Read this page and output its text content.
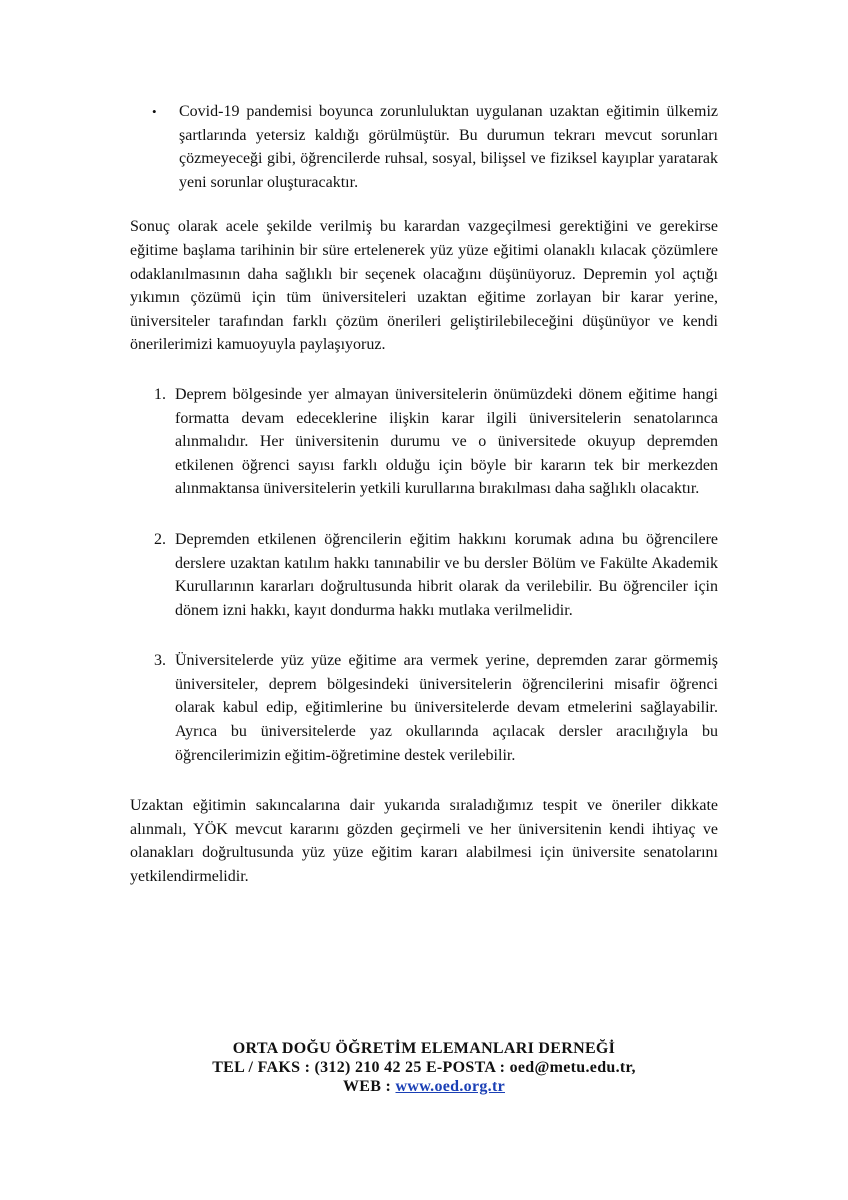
• Covid-19 pandemisi boyunca zorunluluktan uygulanan uzaktan eğitimin ülkemiz şartlarında yetersiz kaldığı görülmüştür. Bu durumun tekrarı mevcut sorunları çözmeyeceği gibi, öğrencilerde ruhsal, sosyal, bilişsel ve fiziksel kayıplar yaratarak yeni sorunlar oluşturacaktır.

Sonuç olarak acele şekilde verilmiş bu karardan vazgeçilmesi gerektiğini ve gerekirse eğitime başlama tarihinin bir süre ertelenerek yüz yüze eğitimi olanaklı kılacak çözümlere odaklanılmasının daha sağlıklı bir seçenek olacağını düşünüyoruz. Depremin yol açtığı yıkımın çözümü için tüm üniversiteleri uzaktan eğitime zorlayan bir karar yerine, üniversiteler tarafından farklı çözüm önerileri geliştirilebileceğini düşünüyor ve kendi önerilerimizi kamuoyuyla paylaşıyoruz.

1. Deprem bölgesinde yer almayan üniversitelerin önümüzdeki dönem eğitime hangi formatta devam edeceklerine ilişkin karar ilgili üniversitelerin senatolarınca alınmalıdır. Her üniversitenin durumu ve o üniversitede okuyup depremden etkilenen öğrenci sayısı farklı olduğu için böyle bir kararın tek bir merkezden alınmaktansa üniversitelerin yetkili kurullarına bırakılması daha sağlıklı olacaktır.

2. Depremden etkilenen öğrencilerin eğitim hakkını korumak adına bu öğrencilere derslere uzaktan katılım hakkı tanınabilir ve bu dersler Bölüm ve Fakülte Akademik Kurullarının kararları doğrultusunda hibrit olarak da verilebilir. Bu öğrenciler için dönem izni hakkı, kayıt dondurma hakkı mutlaka verilmelidir.

3. Üniversitelerde yüz yüze eğitime ara vermek yerine, depremden zarar görmemiş üniversiteler, deprem bölgesindeki üniversitelerin öğrencilerini misafir öğrenci olarak kabul edip, eğitimlerine bu üniversitelerde devam etmelerini sağlayabilir. Ayrıca bu üniversitelerde yaz okullarında açılacak dersler aracılığıyla bu öğrencilerimizin eğitim-öğretimine destek verilebilir.

Uzaktan eğitimin sakıncalarına dair yukarıda sıraladığımız tespit ve öneriler dikkate alınmalı, YÖK mevcut kararını gözden geçirmeli ve her üniversitenin kendi ihtiyaç ve olanakları doğrultusunda yüz yüze eğitim kararı alabilmesi için üniversite senatolarını yetkilendirmelidir.

ORTA DOĞU ÖĞRETİM ELEMANLARI DERNEĞİ
TEL / FAKS : (312) 210 42 25 E-POSTA : oed@metu.edu.tr,
WEB : www.oed.org.tr
